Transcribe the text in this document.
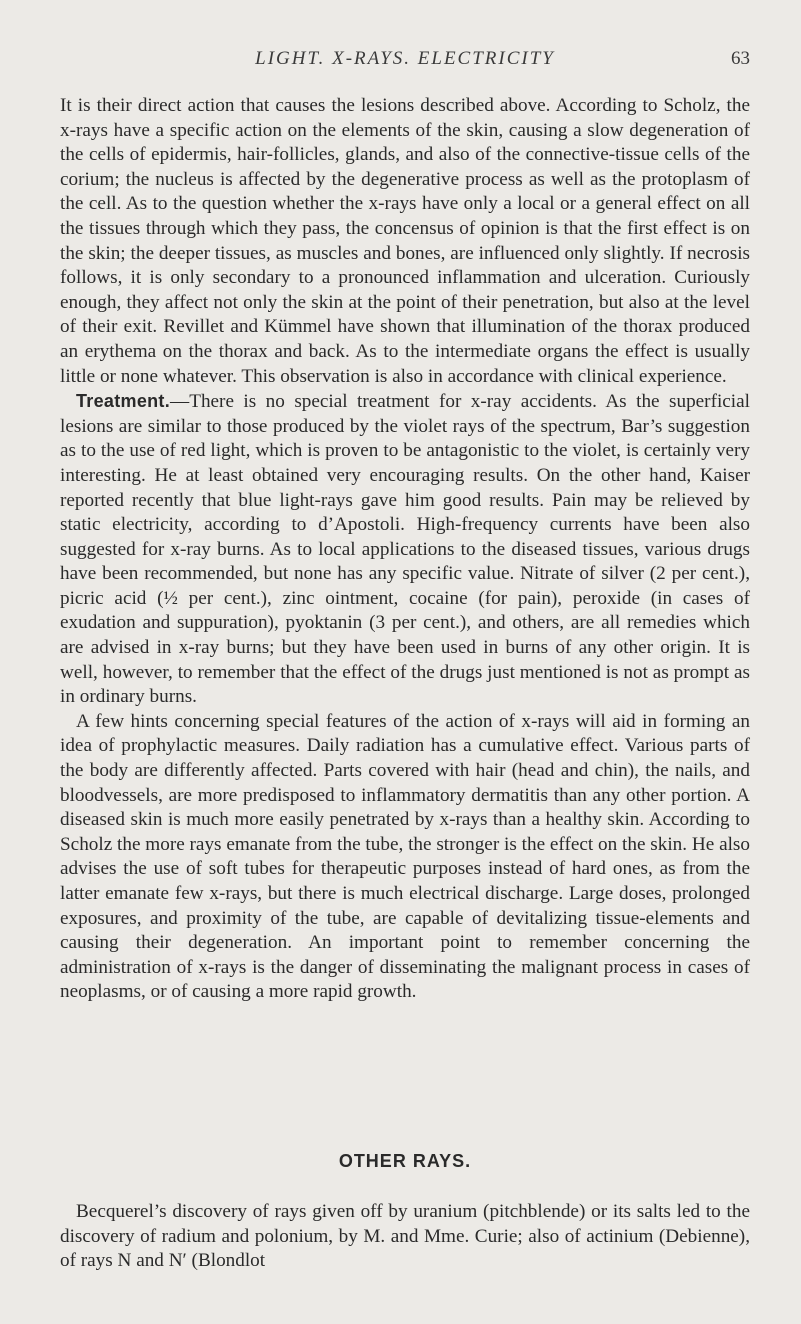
LIGHT. X-RAYS. ELECTRICITY	63

It is their direct action that causes the lesions described above. According to Scholz, the x-rays have a specific action on the elements of the skin, causing a slow degeneration of the cells of epidermis, hair-follicles, glands, and also of the connective-tissue cells of the corium; the nucleus is affected by the degenerative process as well as the protoplasm of the cell. As to the question whether the x-rays have only a local or a general effect on all the tissues through which they pass, the concensus of opinion is that the first effect is on the skin; the deeper tissues, as muscles and bones, are influenced only slightly. If necrosis follows, it is only secondary to a pronounced inflammation and ulceration. Curiously enough, they affect not only the skin at the point of their penetration, but also at the level of their exit. Revillet and Kümmel have shown that illumination of the thorax produced an erythema on the thorax and back. As to the intermediate organs the effect is usually little or none whatever. This observation is also in accordance with clinical experience.

Treatment.—There is no special treatment for x-ray accidents. As the superficial lesions are similar to those produced by the violet rays of the spectrum, Bar’s suggestion as to the use of red light, which is proven to be antagonistic to the violet, is certainly very interesting. He at least obtained very encouraging results. On the other hand, Kaiser reported recently that blue light-rays gave him good results. Pain may be relieved by static electricity, according to d’Apostoli. High-frequency currents have been also suggested for x-ray burns. As to local applications to the diseased tissues, various drugs have been recommended, but none has any specific value. Nitrate of silver (2 per cent.), picric acid (½ per cent.), zinc ointment, cocaine (for pain), peroxide (in cases of exudation and suppuration), pyoktanin (3 per cent.), and others, are all remedies which are advised in x-ray burns; but they have been used in burns of any other origin. It is well, however, to remember that the effect of the drugs just mentioned is not as prompt as in ordinary burns.

A few hints concerning special features of the action of x-rays will aid in forming an idea of prophylactic measures. Daily radiation has a cumulative effect. Various parts of the body are differently affected. Parts covered with hair (head and chin), the nails, and bloodvessels, are more predisposed to inflammatory dermatitis than any other portion. A diseased skin is much more easily penetrated by x-rays than a healthy skin. According to Scholz the more rays emanate from the tube, the stronger is the effect on the skin. He also advises the use of soft tubes for therapeutic purposes instead of hard ones, as from the latter emanate few x-rays, but there is much electrical discharge. Large doses, prolonged exposures, and proximity of the tube, are capable of devitalizing tissue-elements and causing their degeneration. An important point to remember concerning the administration of x-rays is the danger of disseminating the malignant process in cases of neoplasms, or of causing a more rapid growth.

OTHER RAYS.

Becquerel’s discovery of rays given off by uranium (pitchblende) or its salts led to the discovery of radium and polonium, by M. and Mme. Curie; also of actinium (Debienne), of rays N and N′ (Blondlot
